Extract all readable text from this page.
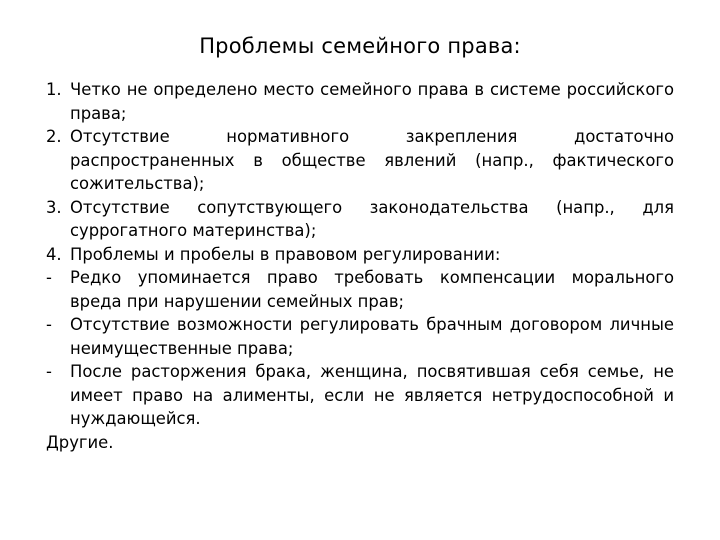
Проблемы семейного права:
1. Четко не определено место семейного права в системе российского права;
2. Отсутствие нормативного закрепления достаточно распространенных в обществе явлений (напр., фактического сожительства);
3. Отсутствие сопутствующего законодательства (напр., для суррогатного материнства);
4. Проблемы и пробелы в правовом регулировании:
-	Редко упоминается право требовать компенсации морального вреда при нарушении семейных прав;
-	Отсутствие возможности регулировать брачным договором личные неимущественные права;
-	После расторжения брака, женщина, посвятившая себя семье, не имеет право на алименты, если не является нетрудоспособной и нуждающейся.
Другие.
